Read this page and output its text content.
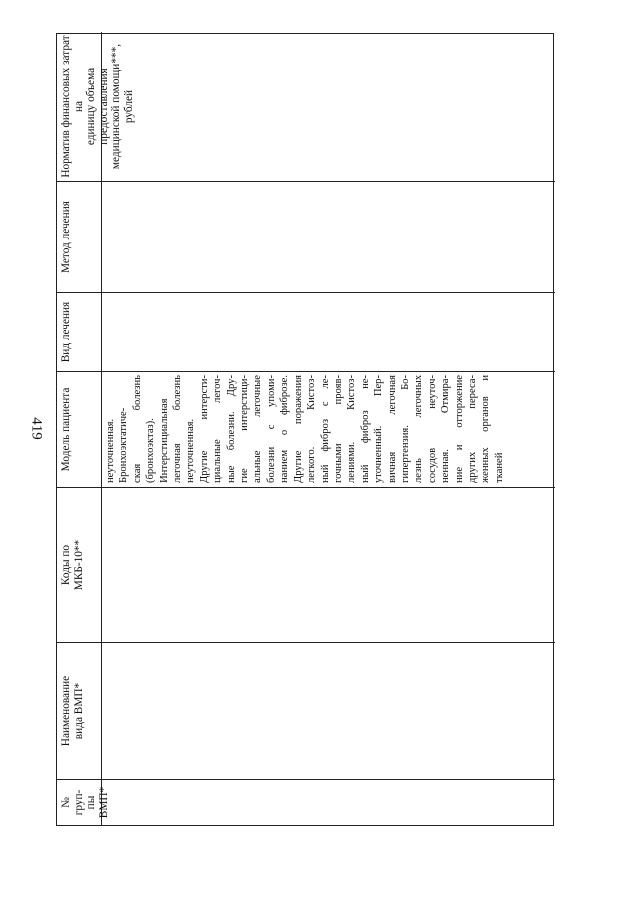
419
№ груп- пы ВМП*
Наименование вида ВМП*
Коды по МКБ-10**
Модель пациента
Вид лечения
Метод лечения
Норматив финансовых затрат на единицу объема предоставления медицинской помощи***, рублей
неуточненная. Бронхоэктатиче- ская болезнь (бронхоэктаз). Интерстициальная легочная болезнь неуточненная. Другие интерсти- циальные легоч- ные болезни. Дру- гие интерстици- альные легочные болезни с упоми- нанием о фиброзе. Другие поражения легкого. Кистоз- ный фиброз с ле- гочными прояв- лениями. Кистоз- ный фиброз не- уточненный. Пер- вичная легочная гипертензия. Бо- лезнь легочных сосудов неуточ- ненная. Отмира- ние и отторжение других переса- женных органов и тканей
